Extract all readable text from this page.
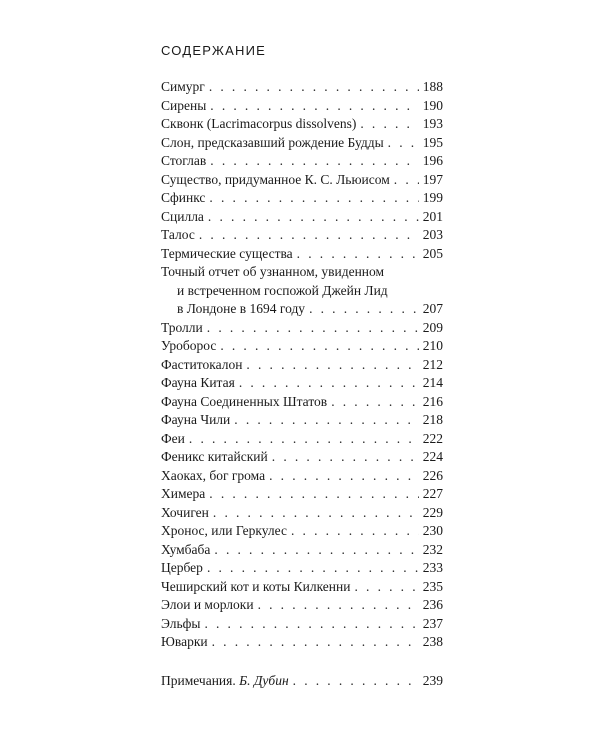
СОДЕРЖАНИЕ
Симург . . .	188
Сирены . . .	190
Сквонк (Lacrimacorpus dissolvens) . . .	193
Слон, предсказавший рождение Будды . . .	195
Стоглав . . .	196
Существо, придуманное К. С. Льюисом . . . 197
Сфинкс . . .	199
Сцилла . . .	201
Талос . . .	203
Термические существа . . .	205
Точный отчет об узнанном, увиденном
и встреченном госпожой Джейн Лид
в Лондоне в 1694 году . . .	207
Тролли . . .	209
Уроборос . . .	210
Фаститокалон . . .	212
Фауна Китая . . .	214
Фауна Соединенных Штатов . . .	216
Фауна Чили . . .	218
Феи . . .	222
Феникс китайский . . .	224
Хаоках, бог грома . . .	226
Химера . . .	227
Хочиген . . .	229
Хронос, или Геркулес . . .	230
Хумбаба . . .	232
Цербер . . .	233
Чеширский кот и коты Килкенни . . .	235
Элои и морлоки . . .	236
Эльфы . . .	237
Юварки . . .	238
Примечания. Б. Дубин . . .	239
